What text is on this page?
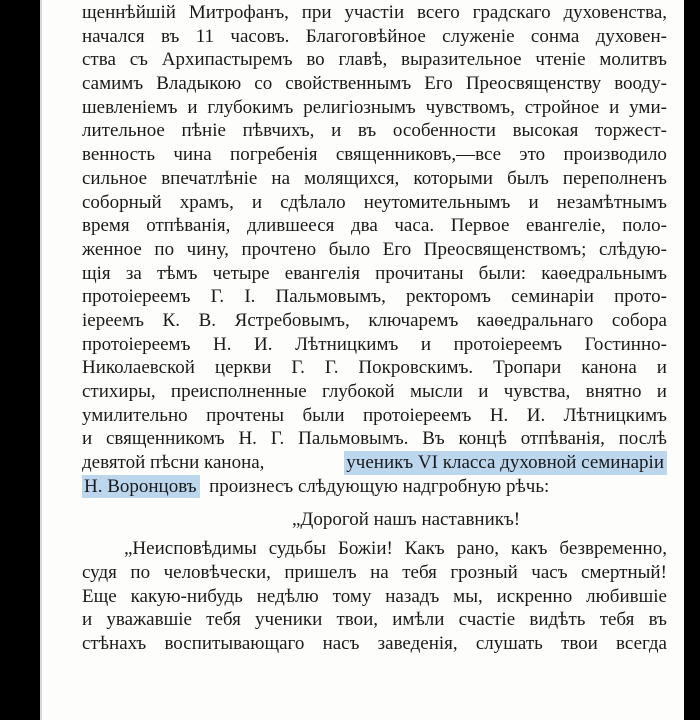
щеннѣйшій Митрофанъ, при участіи всего градскаго духовенства,
начался въ 11 часовъ. Благоговѣйное служеніе сонма духовен-
ства съ Архипастыремъ во главѣ, выразительное чтеніе молитвъ
самимъ Владыкою со свойственнымъ Его Преосвященству воодy-
шевленіемъ и глубокимъ религіознымъ чувствомъ, стройное и уми-
лительное пѣніе пѣвчихъ, и въ особенности высокая торжест-
венность чина погребенія священниковъ,—все это производило
сильное впечатлѣніе на молящихся, которыми былъ переполненъ
соборный храмъ, и сдѣлало неутомительнымъ и незамѣтнымъ
время отпѣванія, длившееся два часа. Первое евангеліе, поло-
женное по чину, прочтено было Его Преосвященствомъ; слѣдую-
щія за тѣмъ четыре евангелія прочитаны были: каѳедральнымъ
протоіереемъ Г. І. Пальмовымъ, ректоромъ семинаріи прото-
іереемъ К. В. Ястребовымъ, ключаремъ каѳедральнаго собора
протоіереемъ Н. И. Лѣтницкимъ и протоіереемъ Гостинно-
Николаевской церкви Г. Г. Покровскимъ. Тропари канона и
стихиры, преисполненные глубокой мысли и чувства, внятно и
умилительно прочтены были протоіереемъ Н. И. Лѣтницкимъ
и священникомъ Н. Г. Пальмовымъ. Въ концѣ отпѣванія, послѣ
девятой пѣсни канона,	ученикъ VI класса духовной семинаріи
Н. Воронцовъ произнесъ слѣдующую надгробную рѣчь:
„Дорогой нашъ наставникъ!
„Неисповѣдимы судьбы Божіи! Какъ рано, какъ безвременно,
судя по человѣчески, пришелъ на тебя грозный часъ смертный!
Еще какую-нибудь недѣлю тому назадъ мы, искренно любившіе
и уважавшіе тебя ученики твои, имѣли счастіе видѣть тебя въ
стѣнахъ воспитывающаго насъ заведенія, слушать твои всегда
